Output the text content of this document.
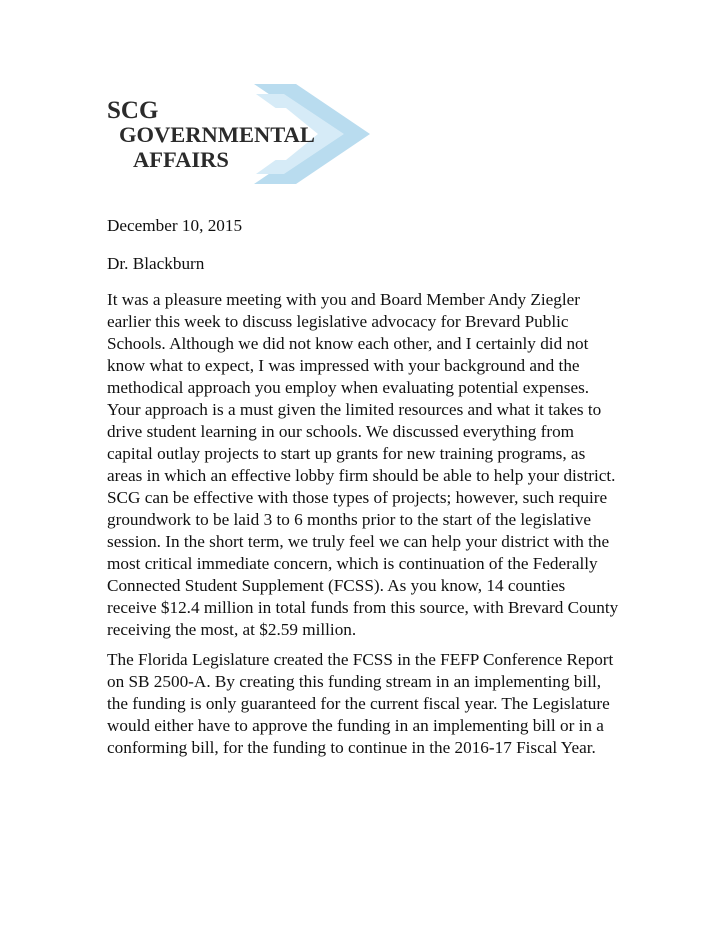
SCG
GOVERNMENTAL
AFFAIRS

December 10, 2015

Dr. Blackburn

It was a pleasure meeting with you and Board Member Andy Ziegler earlier this week to discuss legislative advocacy for Brevard Public Schools. Although we did not know each other, and I certainly did not know what to expect, I was impressed with your background and the methodical approach you employ when evaluating potential expenses. Your approach is a must given the limited resources and what it takes to drive student learning in our schools. We discussed everything from capital outlay projects to start up grants for new training programs, as areas in which an effective lobby firm should be able to help your district. SCG can be effective with those types of projects; however, such require groundwork to be laid 3 to 6 months prior to the start of the legislative session. In the short term, we truly feel we can help your district with the most critical immediate concern, which is continuation of the Federally Connected Student Supplement (FCSS). As you know, 14 counties receive $12.4 million in total funds from this source, with Brevard County receiving the most, at $2.59 million.

The Florida Legislature created the FCSS in the FEFP Conference Report on SB 2500-A. By creating this funding stream in an implementing bill, the funding is only guaranteed for the current fiscal year. The Legislature would either have to approve the funding in an implementing bill or in a conforming bill, for the funding to continue in the 2016-17 Fiscal Year.
